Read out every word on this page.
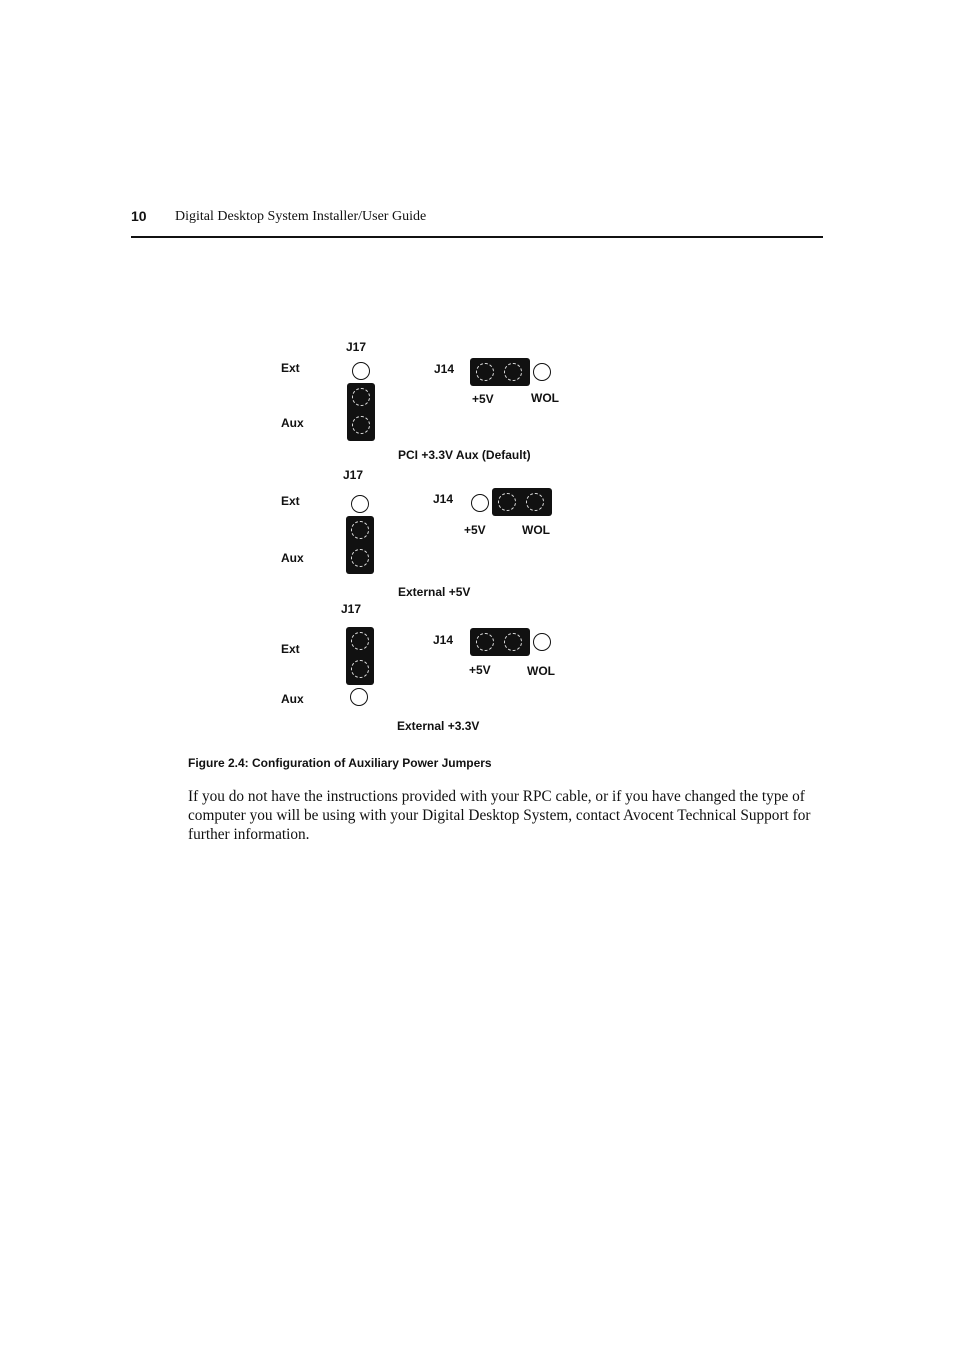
10 Digital Desktop System Installer/User Guide
J17
Ext
Aux
J14
+5V	WOL
PCI +3.3V Aux (Default)
J17
Ext
Aux
J14
+5V	WOL
External +5V
J17
Ext
Aux
J14
+5V	WOL
External +3.3V
Figure 2.4: Configuration of Auxiliary Power Jumpers

If you do not have the instructions provided with your RPC cable, or if you have changed the type of computer you will be using with your Digital Desktop System, contact Avocent Technical Support for further information.
